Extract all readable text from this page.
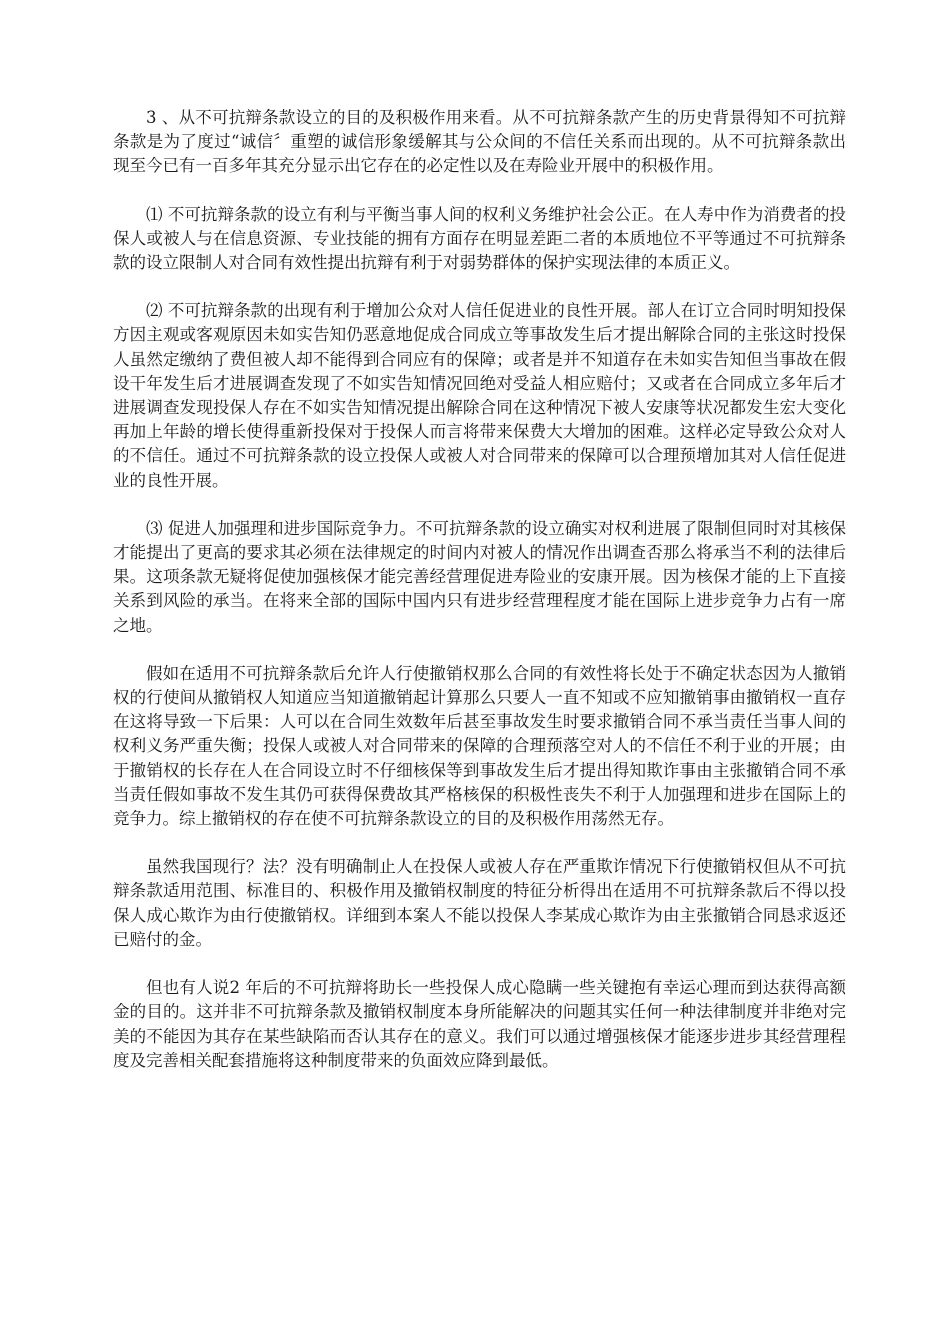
3 、从不可抗辩条款设立的目的及积极作用来看。从不可抗辩条款产生的历史背景得知不可抗辩条款是为了度过“诚信〞重塑的诚信形象缓解其与公众间的不信任关系而出现的。从不可抗辩条款出现至今已有一百多年其充分显示出它存在的必定性以及在寿险业开展中的积极作用。

⑴ 不可抗辩条款的设立有利与平衡当事人间的权利义务维护社会公正。在人寿中作为消费者的投保人或被人与在信息资源、专业技能的拥有方面存在明显差距二者的本质地位不平等通过不可抗辩条款的设立限制人对合同有效性提出抗辩有利于对弱势群体的保护实现法律的本质正义。

⑵ 不可抗辩条款的出现有利于增加公众对人信任促进业的良性开展。部人在订立合同时明知投保方因主观或客观原因未如实告知仍恶意地促成合同成立等事故发生后才提出解除合同的主张这时投保人虽然定缴纳了费但被人却不能得到合同应有的保障；或者是并不知道存在未如实告知但当事故在假设干年发生后才进展调查发现了不如实告知情况回绝对受益人相应赔付；又或者在合同成立多年后才进展调查发现投保人存在不如实告知情况提出解除合同在这种情况下被人安康等状况都发生宏大变化再加上年龄的增长使得重新投保对于投保人而言将带来保费大大增加的困难。这样必定导致公众对人的不信任。通过不可抗辩条款的设立投保人或被人对合同带来的保障可以合理预增加其对人信任促进业的良性开展。

⑶ 促进人加强理和进步国际竞争力。不可抗辩条款的设立确实对权利进展了限制但同时对其核保才能提出了更高的要求其必须在法律规定的时间内对被人的情况作出调查否那么将承当不利的法律后果。这项条款无疑将促使加强核保才能完善经营理促进寿险业的安康开展。因为核保才能的上下直接关系到风险的承当。在将来全部的国际中国内只有进步经营理程度才能在国际上进步竞争力占有一席之地。

假如在适用不可抗辩条款后允许人行使撤销权那么合同的有效性将长处于不确定状态因为人撤销权的行使间从撤销权人知道应当知道撤销起计算那么只要人一直不知或不应知撤销事由撤销权一直存在这将导致一下后果：人可以在合同生效数年后甚至事故发生时要求撤销合同不承当责任当事人间的权利义务严重失衡；投保人或被人对合同带来的保障的合理预落空对人的不信任不利于业的开展；由于撤销权的长存在人在合同设立时不仔细核保等到事故发生后才提出得知欺诈事由主张撤销合同不承当责任假如事故不发生其仍可获得保费故其严格核保的积极性丧失不利于人加强理和进步在国际上的竞争力。综上撤销权的存在使不可抗辩条款设立的目的及积极作用荡然无存。

虽然我国现行？法？没有明确制止人在投保人或被人存在严重欺诈情况下行使撤销权但从不可抗辩条款适用范围、标准目的、积极作用及撤销权制度的特征分析得出在适用不可抗辩条款后不得以投保人成心欺诈为由行使撤销权。详细到本案人不能以投保人李某成心欺诈为由主张撤销合同恳求返还已赔付的金。

但也有人说2 年后的不可抗辩将助长一些投保人成心隐瞒一些关键抱有幸运心理而到达获得高额金的目的。这并非不可抗辩条款及撤销权制度本身所能解决的问题其实任何一种法律制度并非绝对完美的不能因为其存在某些缺陷而否认其存在的意义。我们可以通过增强核保才能逐步进步其经营理程度及完善相关配套措施将这种制度带来的负面效应降到最低。
